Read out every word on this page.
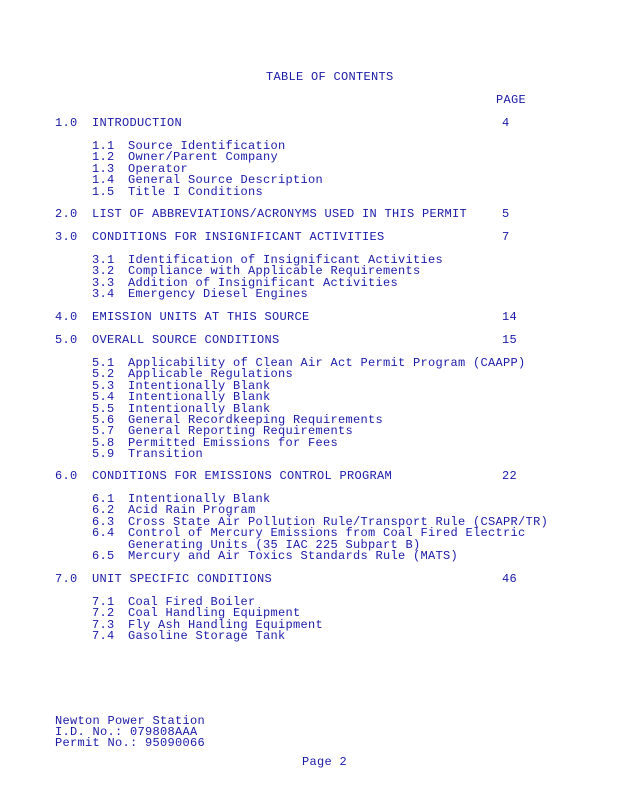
TABLE OF CONTENTS
PAGE
1.0 INTRODUCTION	4
1.1 Source Identification
1.2 Owner/Parent Company
1.3 Operator
1.4 General Source Description
1.5 Title I Conditions
2.0 LIST OF ABBREVIATIONS/ACRONYMS USED IN THIS PERMIT	5
3.0 CONDITIONS FOR INSIGNIFICANT ACTIVITIES	7
3.1 Identification of Insignificant Activities
3.2 Compliance with Applicable Requirements
3.3 Addition of Insignificant Activities
3.4 Emergency Diesel Engines
4.0 EMISSION UNITS AT THIS SOURCE	14
5.0 OVERALL SOURCE CONDITIONS	15
5.1 Applicability of Clean Air Act Permit Program (CAAPP)
5.2 Applicable Regulations
5.3 Intentionally Blank
5.4 Intentionally Blank
5.5 Intentionally Blank
5.6 General Recordkeeping Requirements
5.7 General Reporting Requirements
5.8 Permitted Emissions for Fees
5.9 Transition
6.0 CONDITIONS FOR EMISSIONS CONTROL PROGRAM	22
6.1 Intentionally Blank
6.2 Acid Rain Program
6.3 Cross State Air Pollution Rule/Transport Rule (CSAPR/TR)
6.4 Control of Mercury Emissions from Coal Fired Electric
Generating Units (35 IAC 225 Subpart B)
6.5 Mercury and Air Toxics Standards Rule (MATS)
7.0 UNIT SPECIFIC CONDITIONS	46
7.1 Coal Fired Boiler
7.2 Coal Handling Equipment
7.3 Fly Ash Handling Equipment
7.4 Gasoline Storage Tank
Newton Power Station
I.D. No.: 079808AAA
Permit No.: 95090066
Page 2
